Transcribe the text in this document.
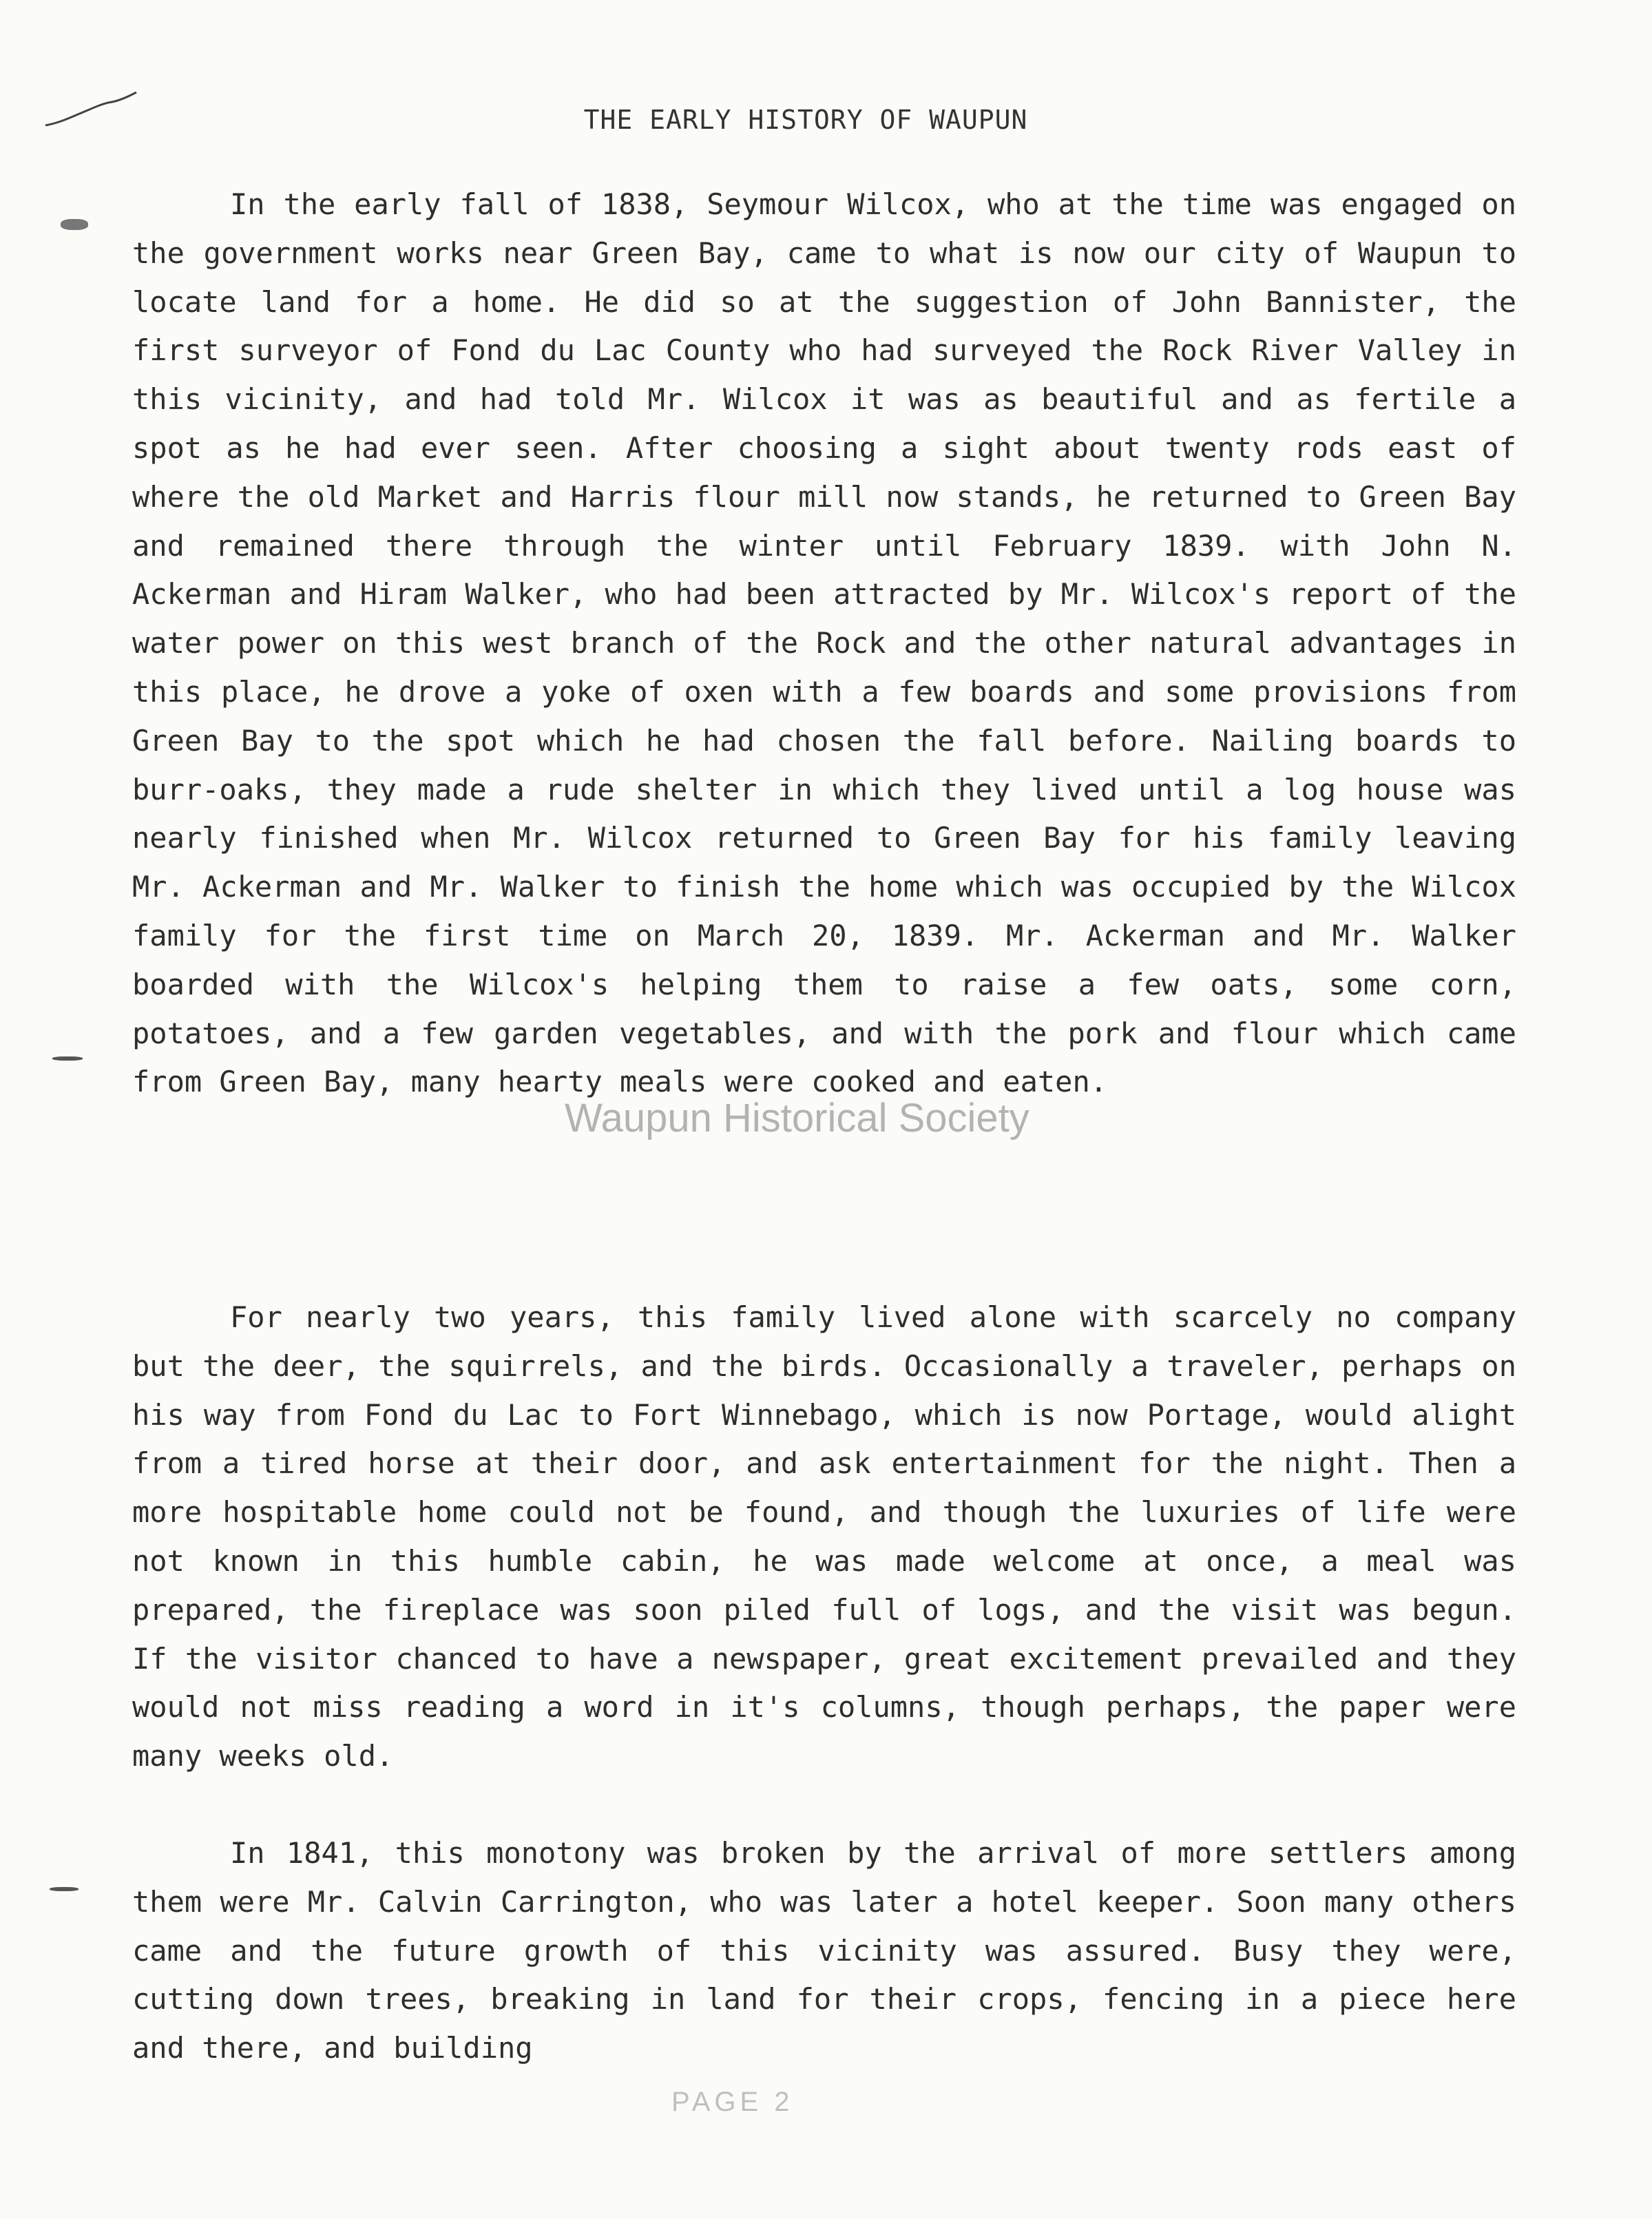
THE EARLY HISTORY OF WAUPUN

In the early fall of 1838, Seymour Wilcox, who at the time was engaged on the government works near Green Bay, came to what is now our city of Waupun to locate land for a home. He did so at the suggestion of John Bannister, the first surveyor of Fond du Lac County who had surveyed the Rock River Valley in this vicinity, and had told Mr. Wilcox it was as beautiful and as fertile a spot as he had ever seen. After choosing a sight about twenty rods east of where the old Market and Harris flour mill now stands, he returned to Green Bay and remained there through the winter until February 1839. with John N. Ackerman and Hiram Walker, who had been attracted by Mr. Wilcox's report of the water power on this west branch of the Rock and the other natural advantages in this place, he drove a yoke of oxen with a few boards and some provisions from Green Bay to the spot which he had chosen the fall before. Nailing boards to burr-oaks, they made a rude shelter in which they lived until a log house was nearly finished when Mr. Wilcox returned to Green Bay for his family leaving Mr. Ackerman and Mr. Walker to finish the home which was occupied by the Wilcox family for the first time on March 20, 1839. Mr. Ackerman and Mr. Walker boarded with the Wilcox's helping them to raise a few oats, some corn, potatoes, and a few garden vegetables, and with the pork and flour which came from Green Bay, many hearty meals were cooked and eaten.

For nearly two years, this family lived alone with scarcely no company but the deer, the squirrels, and the birds. Occasionally a traveler, perhaps on his way from Fond du Lac to Fort Winnebago, which is now Portage, would alight from a tired horse at their door, and ask entertainment for the night. Then a more hospitable home could not be found, and though the luxuries of life were not known in this humble cabin, he was made welcome at once, a meal was prepared, the fireplace was soon piled full of logs, and the visit was begun. If the visitor chanced to have a newspaper, great excitement prevailed and they would not miss reading a word in it's columns, though perhaps, the paper were many weeks old.

In 1841, this monotony was broken by the arrival of more settlers among them were Mr. Calvin Carrington, who was later a hotel keeper. Soon many others came and the future growth of this vicinity was assured. Busy they were, cutting down trees, breaking in land for their crops, fencing in a piece here and there, and building

Waupun Historical Society
PAGE 2
